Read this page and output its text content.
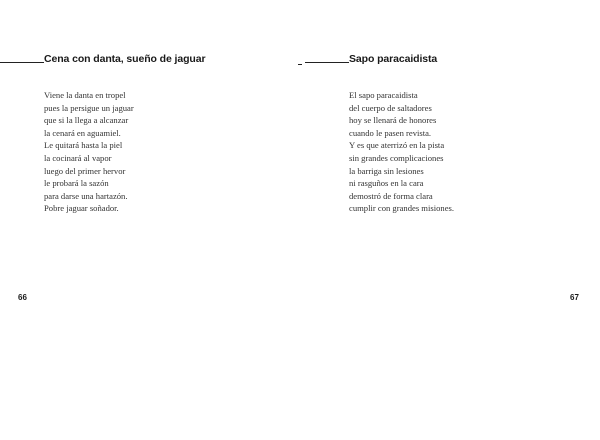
Cena con danta, sueño de jaguar
Viene la danta en tropel
pues la persigue un jaguar
que si la llega a alcanzar
la cenará en aguamiel.
Le quitará hasta la piel
la cocinará al vapor
luego del primer hervor
le probará la sazón
para darse una hartazón.
Pobre jaguar soñador.
66
Sapo paracaidista
El sapo paracaidista
del cuerpo de saltadores
hoy se llenará de honores
cuando le pasen revista.
Y es que aterrizó en la pista
sin grandes complicaciones
la barriga sin lesiones
ni rasguños en la cara
demostró de forma clara
cumplir con grandes misiones.
67
